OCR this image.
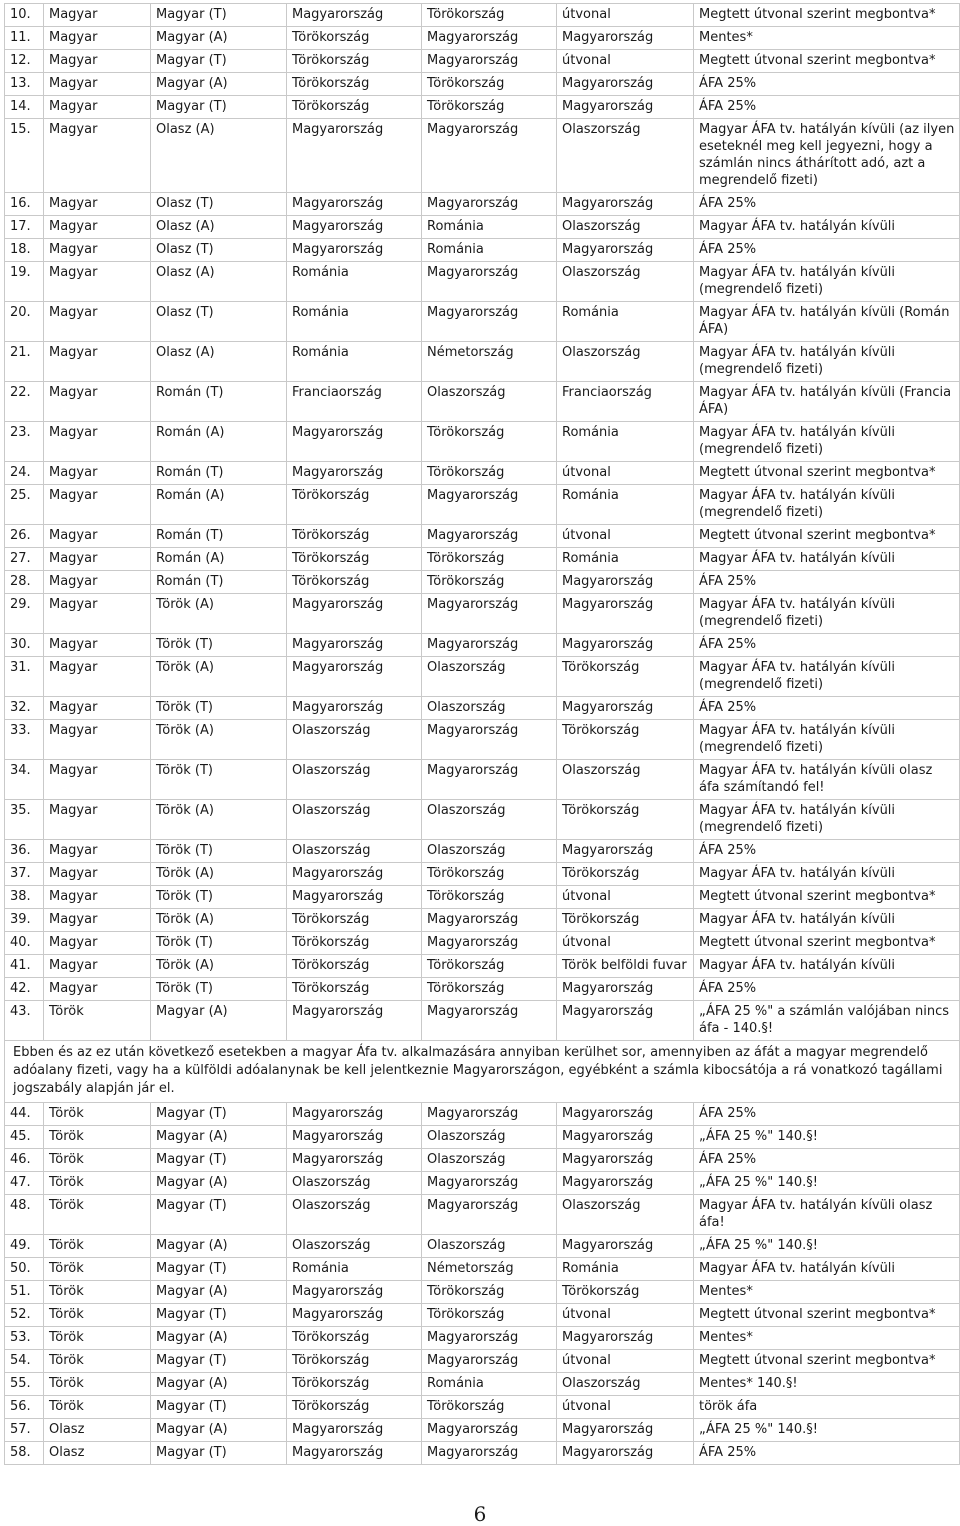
10.	Magyar	Magyar (T)	Magyarország	Törökország	útvonal	Megtett útvonal szerint megbontva*
11.	Magyar	Magyar (A)	Törökország	Magyarország	Magyarország	Mentes*
12.	Magyar	Magyar (T)	Törökország	Magyarország	útvonal	Megtett útvonal szerint megbontva*
13.	Magyar	Magyar (A)	Törökország	Törökország	Magyarország	ÁFA 25%
14.	Magyar	Magyar (T)	Törökország	Törökország	Magyarország	ÁFA 25%
15.	Magyar	Olasz (A)	Magyarország	Magyarország	Olaszország	Magyar ÁFA tv. hatályán kívüli (az ilyen eseteknél meg kell jegyezni, hogy a számlán nincs áthárított adó, azt a megrendelő fizeti)
16.	Magyar	Olasz (T)	Magyarország	Magyarország	Magyarország	ÁFA 25%
17.	Magyar	Olasz (A)	Magyarország	Románia	Olaszország	Magyar ÁFA tv. hatályán kívüli
18.	Magyar	Olasz (T)	Magyarország	Románia	Magyarország	ÁFA 25%
19.	Magyar	Olasz (A)	Románia	Magyarország	Olaszország	Magyar ÁFA tv. hatályán kívüli (megrendelő fizeti)
20.	Magyar	Olasz (T)	Románia	Magyarország	Románia	Magyar ÁFA tv. hatályán kívüli (Román ÁFA)
21.	Magyar	Olasz (A)	Románia	Németország	Olaszország	Magyar ÁFA tv. hatályán kívüli (megrendelő fizeti)
22.	Magyar	Román (T)	Franciaország	Olaszország	Franciaország	Magyar ÁFA tv. hatályán kívüli (Francia ÁFA)
23.	Magyar	Román (A)	Magyarország	Törökország	Románia	Magyar ÁFA tv. hatályán kívüli (megrendelő fizeti)
24.	Magyar	Román (T)	Magyarország	Törökország	útvonal	Megtett útvonal szerint megbontva*
25.	Magyar	Román (A)	Törökország	Magyarország	Románia	Magyar ÁFA tv. hatályán kívüli (megrendelő fizeti)
26.	Magyar	Román (T)	Törökország	Magyarország	útvonal	Megtett útvonal szerint megbontva*
27.	Magyar	Román (A)	Törökország	Törökország	Románia	Magyar ÁFA tv. hatályán kívüli
28.	Magyar	Román (T)	Törökország	Törökország	Magyarország	ÁFA 25%
29.	Magyar	Török (A)	Magyarország	Magyarország	Magyarország	Magyar ÁFA tv. hatályán kívüli (megrendelő fizeti)
30.	Magyar	Török (T)	Magyarország	Magyarország	Magyarország	ÁFA 25%
31.	Magyar	Török (A)	Magyarország	Olaszország	Törökország	Magyar ÁFA tv. hatályán kívüli (megrendelő fizeti)
32.	Magyar	Török (T)	Magyarország	Olaszország	Magyarország	ÁFA 25%
33.	Magyar	Török (A)	Olaszország	Magyarország	Törökország	Magyar ÁFA tv. hatályán kívüli (megrendelő fizeti)
34.	Magyar	Török (T)	Olaszország	Magyarország	Olaszország	Magyar ÁFA tv. hatályán kívüli olasz áfa számítandó fel!
35.	Magyar	Török (A)	Olaszország	Olaszország	Törökország	Magyar ÁFA tv. hatályán kívüli (megrendelő fizeti)
36.	Magyar	Török (T)	Olaszország	Olaszország	Magyarország	ÁFA 25%
37.	Magyar	Török (A)	Magyarország	Törökország	Törökország	Magyar ÁFA tv. hatályán kívüli
38.	Magyar	Török (T)	Magyarország	Törökország	útvonal	Megtett útvonal szerint megbontva*
39.	Magyar	Török (A)	Törökország	Magyarország	Törökország	Magyar ÁFA tv. hatályán kívüli
40.	Magyar	Török (T)	Törökország	Magyarország	útvonal	Megtett útvonal szerint megbontva*
41.	Magyar	Török (A)	Törökország	Törökország	Török belföldi fuvar	Magyar ÁFA tv. hatályán kívüli
42.	Magyar	Török (T)	Törökország	Törökország	Magyarország	ÁFA 25%
43.	Török	Magyar (A)	Magyarország	Magyarország	Magyarország	„ÁFA 25 %" a számlán valójában nincs áfa - 140.§!
Ebben és az ez után következő esetekben a magyar Áfa tv. alkalmazására annyiban kerülhet sor, amennyiben az áfát a magyar megrendelő adóalany fizeti, vagy ha a külföldi adóalanynak be kell jelentkeznie Magyarországon, egyébként a számla kibocsátója a rá vonatkozó tagállami jogszabály alapján jár el.						
44.	Török	Magyar (T)	Magyarország	Magyarország	Magyarország	ÁFA 25%
45.	Török	Magyar (A)	Magyarország	Olaszország	Magyarország	„ÁFA 25 %" 140.§!
46.	Török	Magyar (T)	Magyarország	Olaszország	Magyarország	ÁFA 25%
47.	Török	Magyar (A)	Olaszország	Magyarország	Magyarország	„ÁFA 25 %" 140.§!
48.	Török	Magyar (T)	Olaszország	Magyarország	Olaszország	Magyar ÁFA tv. hatályán kívüli olasz áfa!
49.	Török	Magyar (A)	Olaszország	Olaszország	Magyarország	„ÁFA 25 %" 140.§!
50.	Török	Magyar (T)	Románia	Németország	Románia	Magyar ÁFA tv. hatályán kívüli
51.	Török	Magyar (A)	Magyarország	Törökország	Törökország	Mentes*
52.	Török	Magyar (T)	Magyarország	Törökország	útvonal	Megtett útvonal szerint megbontva*
53.	Török	Magyar (A)	Törökország	Magyarország	Magyarország	Mentes*
54.	Török	Magyar (T)	Törökország	Magyarország	útvonal	Megtett útvonal szerint megbontva*
55.	Török	Magyar (A)	Törökország	Románia	Olaszország	Mentes* 140.§!
56.	Török	Magyar (T)	Törökország	Törökország	útvonal	török áfa
57.	Olasz	Magyar (A)	Magyarország	Magyarország	Magyarország	„ÁFA 25 %" 140.§!
58.	Olasz	Magyar (T)	Magyarország	Magyarország	Magyarország	ÁFA 25%
6
